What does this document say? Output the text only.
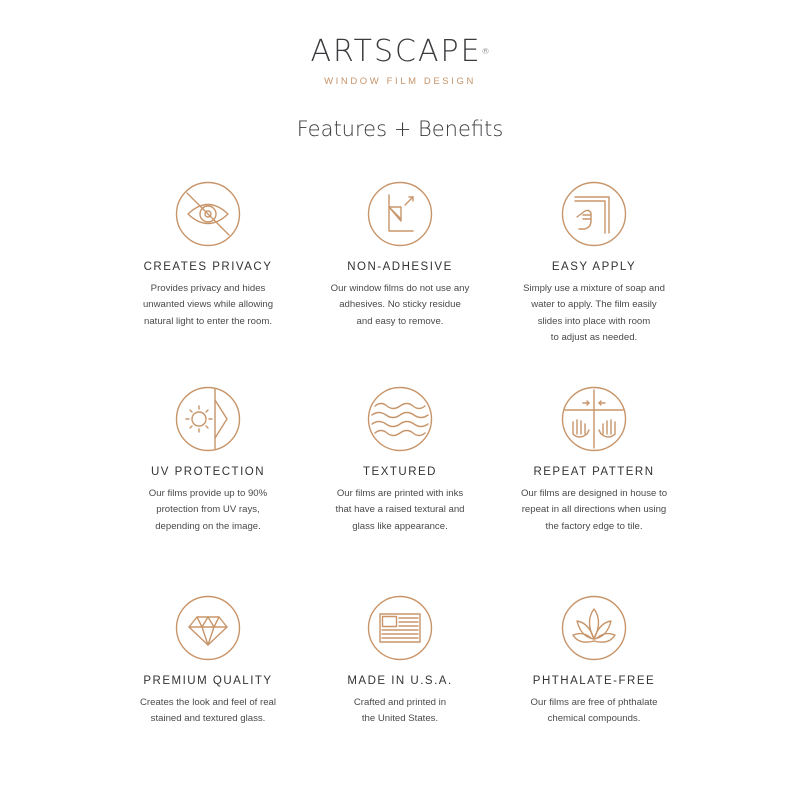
ARTSCAPE®
WINDOW FILM DESIGN
Features + Benefits
CREATES PRIVACY
Provides privacy and hides
unwanted views while allowing
natural light to enter the room.
NON-ADHESIVE
Our window films do not use any
adhesives. No sticky residue
and easy to remove.
EASY APPLY
Simply use a mixture of soap and
water to apply. The film easily
slides into place with room
to adjust as needed.
UV PROTECTION
Our films provide up to 90%
protection from UV rays,
depending on the image.
TEXTURED
Our films are printed with inks
that have a raised textural and
glass like appearance.
REPEAT PATTERN
Our films are designed in house to
repeat in all directions when using
the factory edge to tile.
PREMIUM QUALITY
Creates the look and feel of real
stained and textured glass.
MADE IN U.S.A.
Crafted and printed in
the United States.
PHTHALATE-FREE
Our films are free of phthalate
chemical compounds.
